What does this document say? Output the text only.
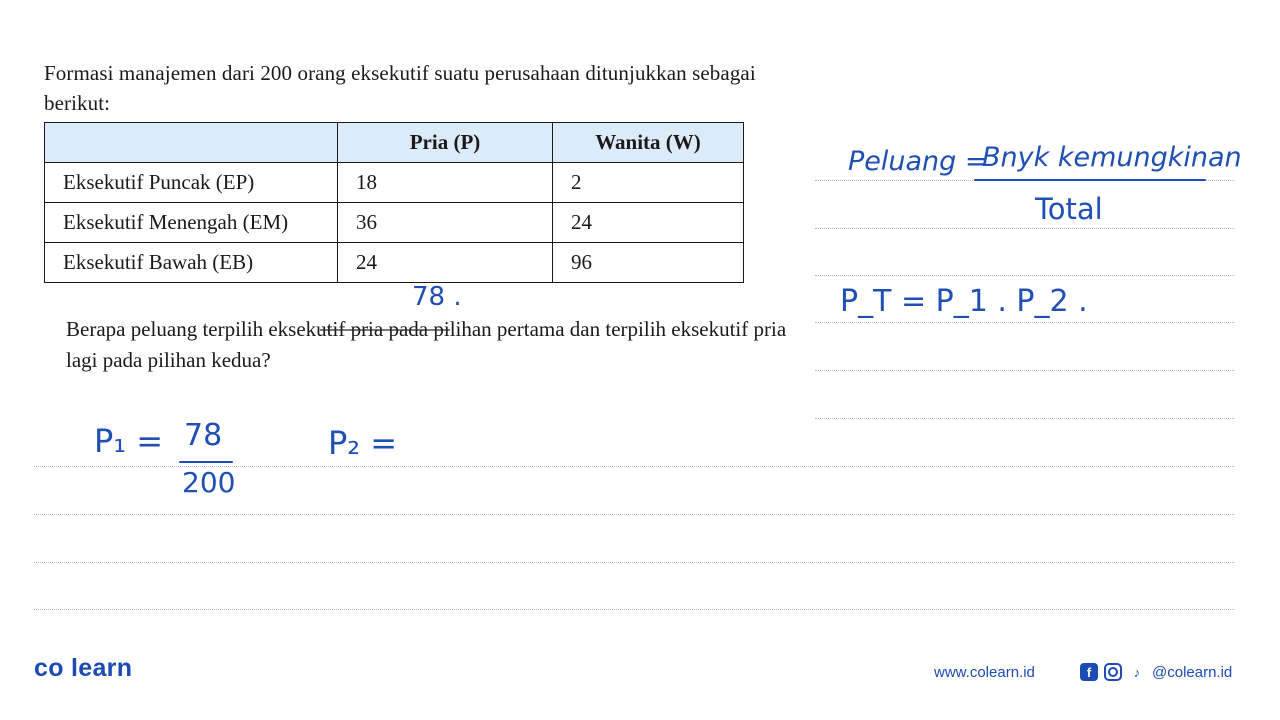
Formasi manajemen dari 200 orang eksekutif suatu perusahaan ditunjukkan sebagai berikut:

	Pria (P)	Wanita (W)
Eksekutif Puncak (EP)	18	2
Eksekutif Menengah (EM)	36	24
Eksekutif Bawah (EB)	24	96

Berapa peluang terpilih eksekutif pria pada pilihan pertama dan terpilih eksekutif pria lagi pada pilihan kedua?

78 .
Peluang =
Bnyk kemungkinan
Total
P_T = P_1 . P_2 .
P₁ = 78
200
P₂ =
co learn	www.colearn.id	f	♪ @colearn.id
